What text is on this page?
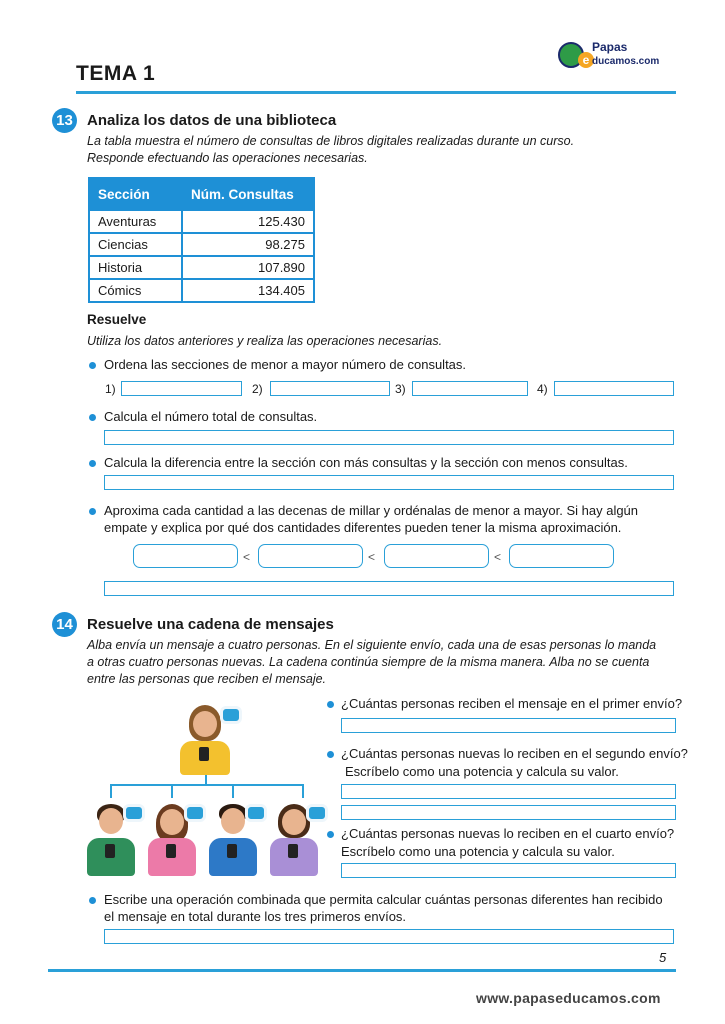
TEMA 1
e
Papas
ducamos.com
13 Analiza los datos de una biblioteca
La tabla muestra el número de consultas de libros digitales realizadas durante un curso.
Responde efectuando las operaciones necesarias.
Sección	Núm. Consultas
Aventuras	125.430
Ciencias	98.275
Historia	107.890
Cómics	134.405
Resuelve
Utiliza los datos anteriores y realiza las operaciones necesarias.
Ordena las secciones de menor a mayor número de consultas.
1)	2)	3)	4)
Calcula el número total de consultas.
Calcula la diferencia entre la sección con más consultas y la sección con menos consultas.
Aproxima cada cantidad a las decenas de millar y ordénalas de menor a mayor. Si hay algún
empate y explica por qué dos cantidades diferentes pueden tener la misma aproximación.
<	<	<
14 Resuelve una cadena de mensajes
Alba envía un mensaje a cuatro personas. En el siguiente envío, cada una de esas personas lo manda
a otras cuatro personas nuevas. La cadena continúa siempre de la misma manera. Alba no se cuenta
entre las personas que reciben el mensaje.
¿Cuántas personas reciben el mensaje en el primer envío?
¿Cuántas personas nuevas lo reciben en el segundo envío?
Escríbelo como una potencia y calcula su valor.
¿Cuántas personas nuevas lo reciben en el cuarto envío?
Escríbelo como una potencia y calcula su valor.
Escribe una operación combinada que permita calcular cuántas personas diferentes han recibido
el mensaje en total durante los tres primeros envíos.
5
www.papaseducamos.com
